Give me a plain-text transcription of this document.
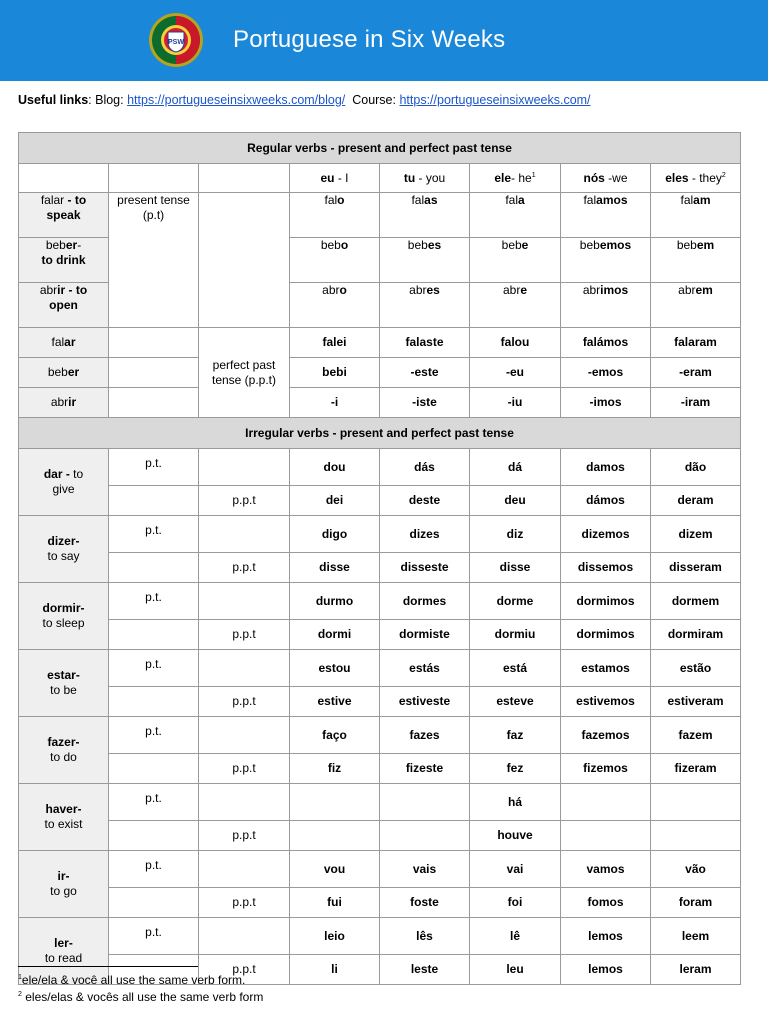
PSW Portuguese in Six Weeks
Useful links: Blog: https://portugueseinsixweeks.com/blog/ Course: https://portugueseinsixweeks.com/
Regular verbs - present and perfect past tense							
			eu - I	tu - you	ele- $he^1$	nós -we	eles - they$^2$
falar - to
speak	present tense (p.t)		falo	falas	fala	falamos	falam
beber-
to drink			bebo	bebes	bebe	bebemos	bebem
abrir - to
open			abro	abres	abre	abrimos	abrem
falar		perfect past tense (p.p.t)	falei	falaste	falou	falámos	falaram
beber			bebi	-este	-eu	-emos	-eram
abrir			-i	-iste	-iu	-imos	-iram
Irregular verbs - present and perfect past tense							
dar - to
give	p.t.		dou	dás	dá	damos	dão
		p.p.t	dei	deste	deu	dámos	deram
dizer-
to say	p.t.		digo	dizes	diz	dizemos	dizem
		p.p.t	disse	disseste	disse	dissemos	disseram
dormir-
to sleep	p.t.		durmo	dormes	dorme	dormimos	dormem
		p.p.t	dormi	dormiste	dormiu	dormimos	dormiram
estar-
to be	p.t.		estou	estás	está	estamos	estão
		p.p.t	estive	estiveste	esteve	estivemos	estiveram
fazer-
to do	p.t.		faço	fazes	faz	fazemos	fazem
		p.p.t	fiz	fizeste	fez	fizemos	fizeram
haver-
to exist	p.t.				há		
		p.p.t			houve		
ir-
to go	p.t.		vou	vais	vai	vamos	vão
		p.p.t	fui	foste	foi	fomos	foram
ler-
to read	p.t.		leio	lês	lê	lemos	leem
		p.p.t	li	leste	leu	lemos	leram
$^1$ele/ela & você all use the same verb form.
$^2$ eles/elas & vocês all use the same verb form
